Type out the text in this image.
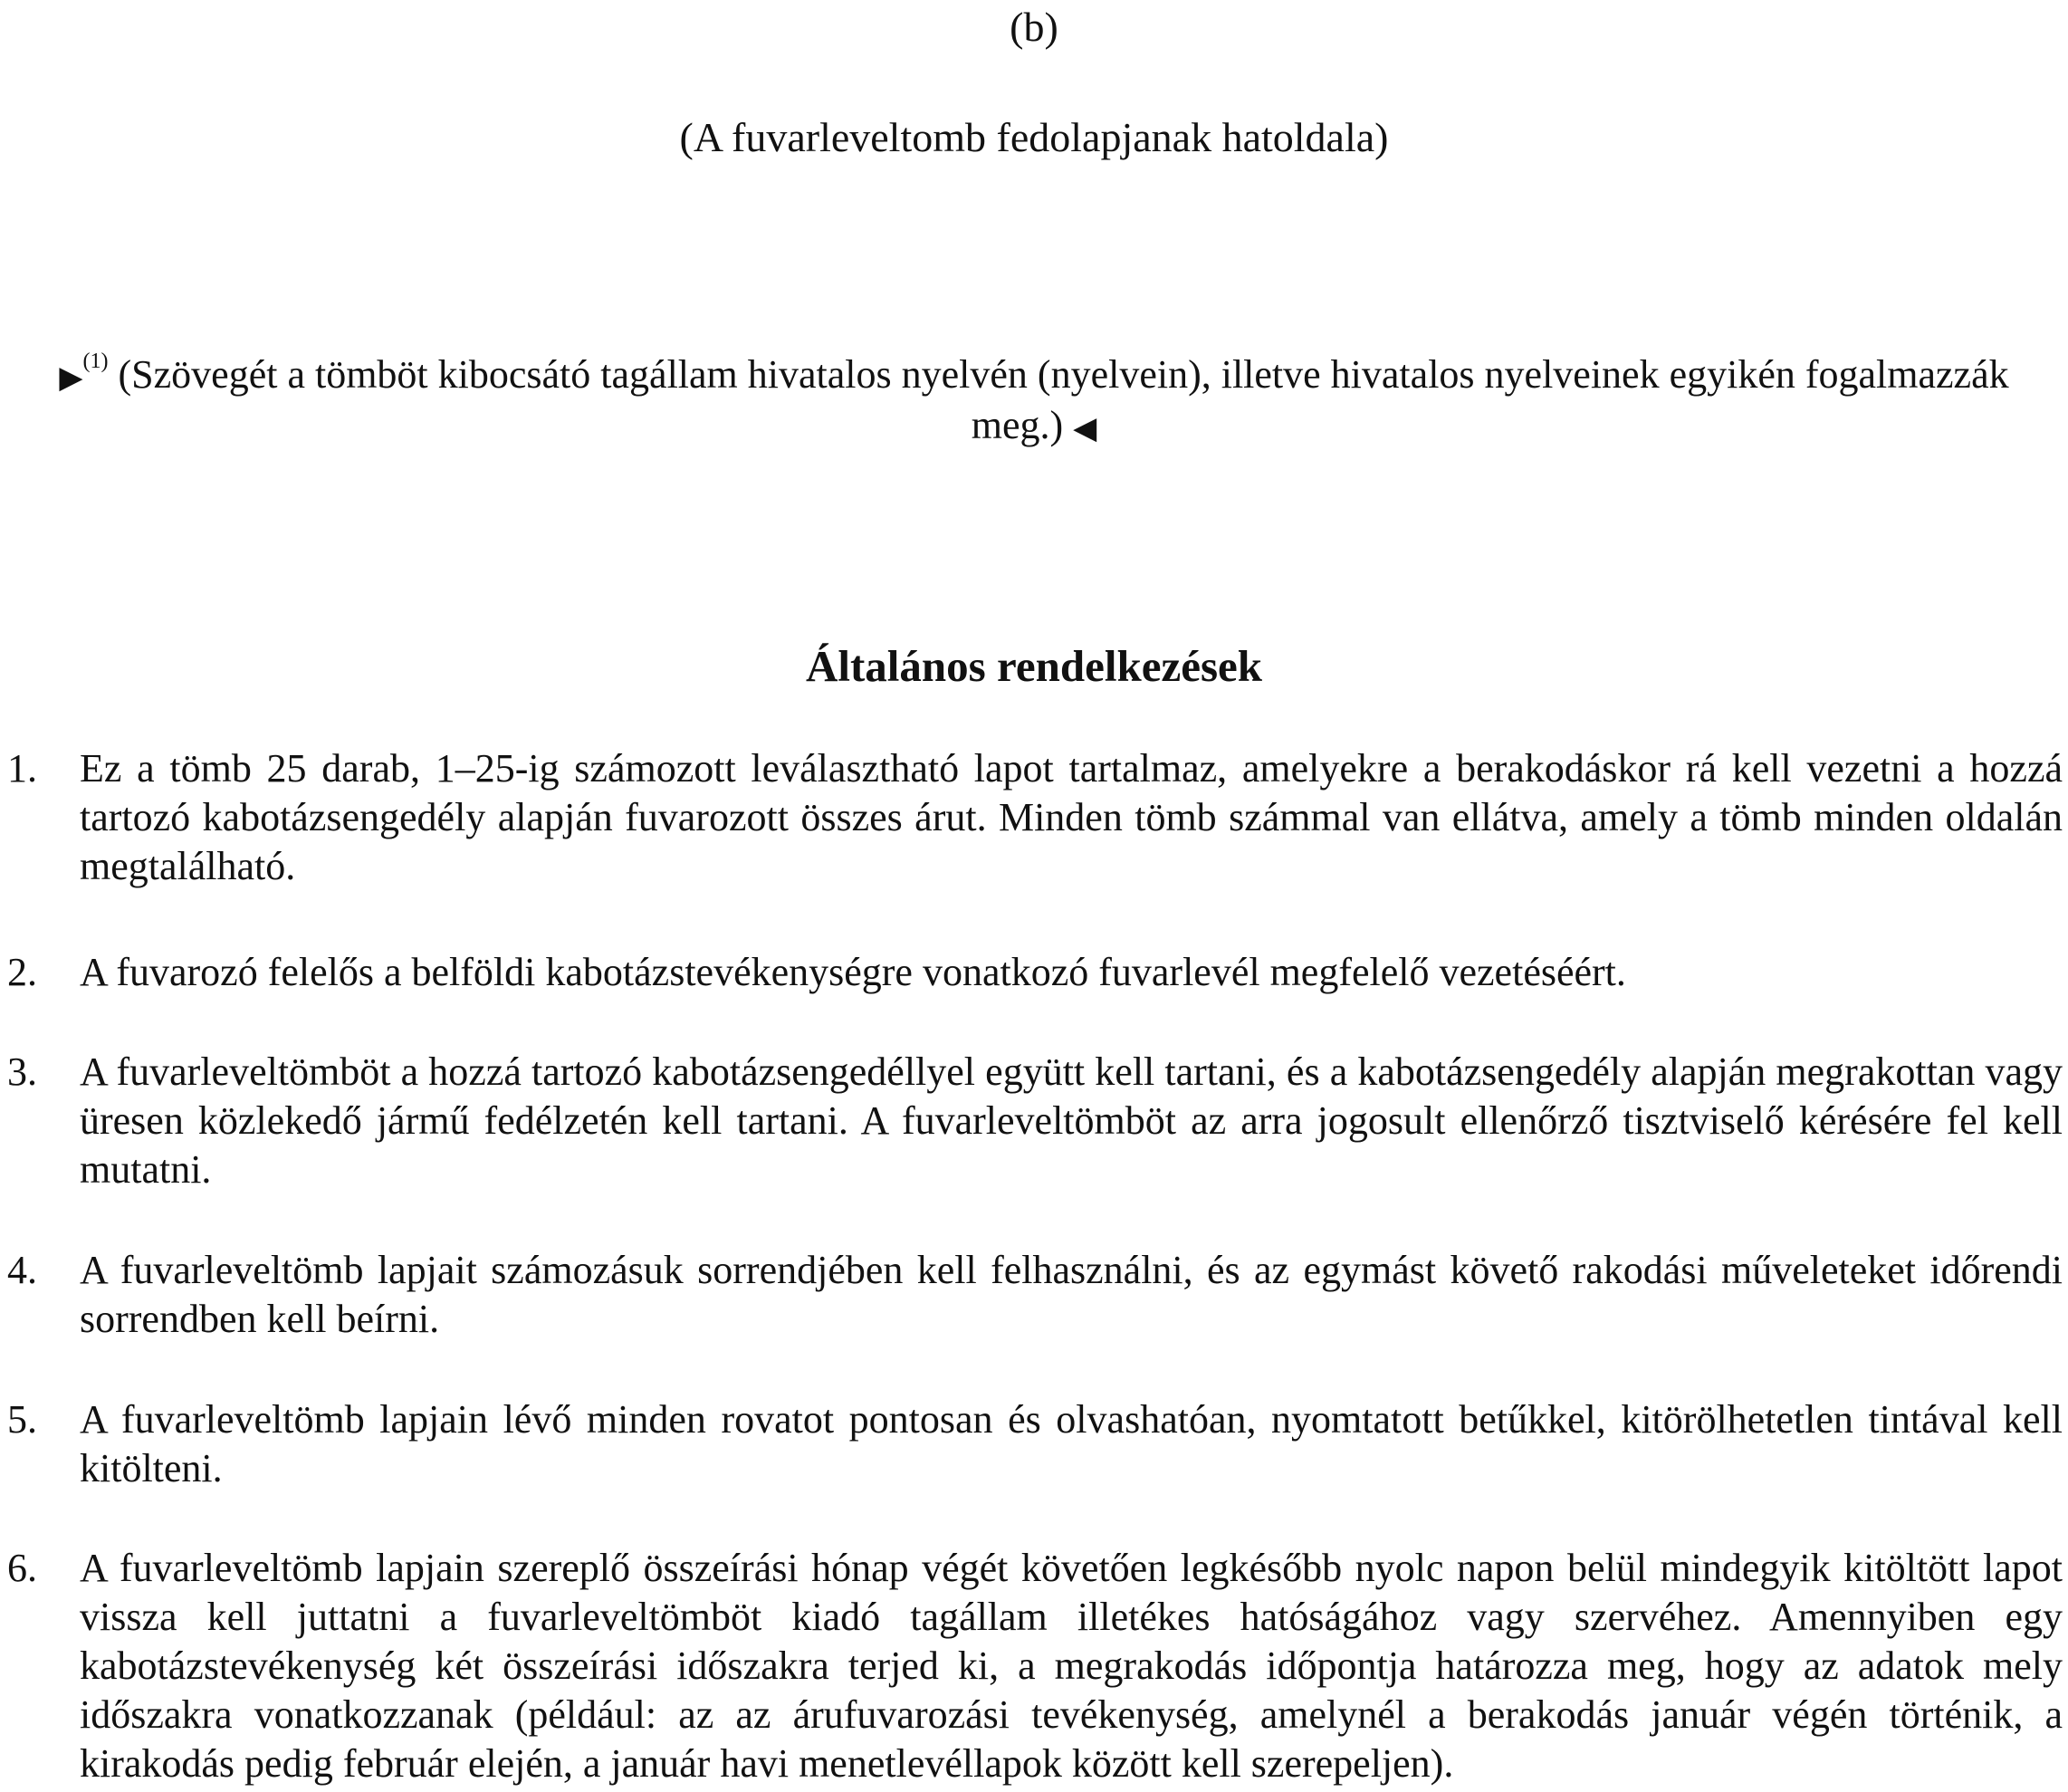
(b)
(A fuvarleveltomb fedolapjanak hatoldala)
▶$^{(1)}$ (Szövegét a tömböt kibocsátó tagállam hivatalos nyelvén (nyelvein), illetve hivatalos nyelveinek egyikén fogalmazzák meg.) ◀
Általános rendelkezések
1. Ez a tömb 25 darab, 1–25-ig számozott leválasztható lapot tartalmaz, amelyekre a berakodáskor rá kell vezetni a hozzá tartozó kabotázsengedély alapján fuvarozott összes árut. Minden tömb számmal van ellátva, amely a tömb minden oldalán megtalálható.
2. A fuvarozó felelős a belföldi kabotázstevékenységre vonatkozó fuvarlevél megfelelő vezetéséért.
3. A fuvarleveltömböt a hozzá tartozó kabotázsengedéllyel együtt kell tartani, és a kabotázsengedély alapján megrakottan vagy üresen közlekedő jármű fedélzetén kell tartani. A fuvarleveltömböt az arra jogosult ellenőrző tisztviselő kérésére fel kell mutatni.
4. A fuvarleveltömb lapjait számozásuk sorrendjében kell felhasználni, és az egymást követő rakodási műveleteket időrendi sorrendben kell beírni.
5. A fuvarleveltömb lapjain lévő minden rovatot pontosan és olvashatóan, nyomtatott betűkkel, kitörölhetetlen tintával kell kitölteni.
6. A fuvarleveltömb lapjain szereplő összeírási hónap végét követően legkésőbb nyolc napon belül mindegyik kitöltött lapot vissza kell juttatni a fuvarleveltömböt kiadó tagállam illetékes hatóságához vagy szervéhez. Amennyiben egy kabotázstevékenység két összeírási időszakra terjed ki, a megrakodás időpontja határozza meg, hogy az adatok mely időszakra vonatkozzanak (például: az az árufuvarozási tevékenység, amelynél a berakodás január végén történik, a kirakodás pedig február elején, a január havi menetlevéllapok között kell szerepeljen).
